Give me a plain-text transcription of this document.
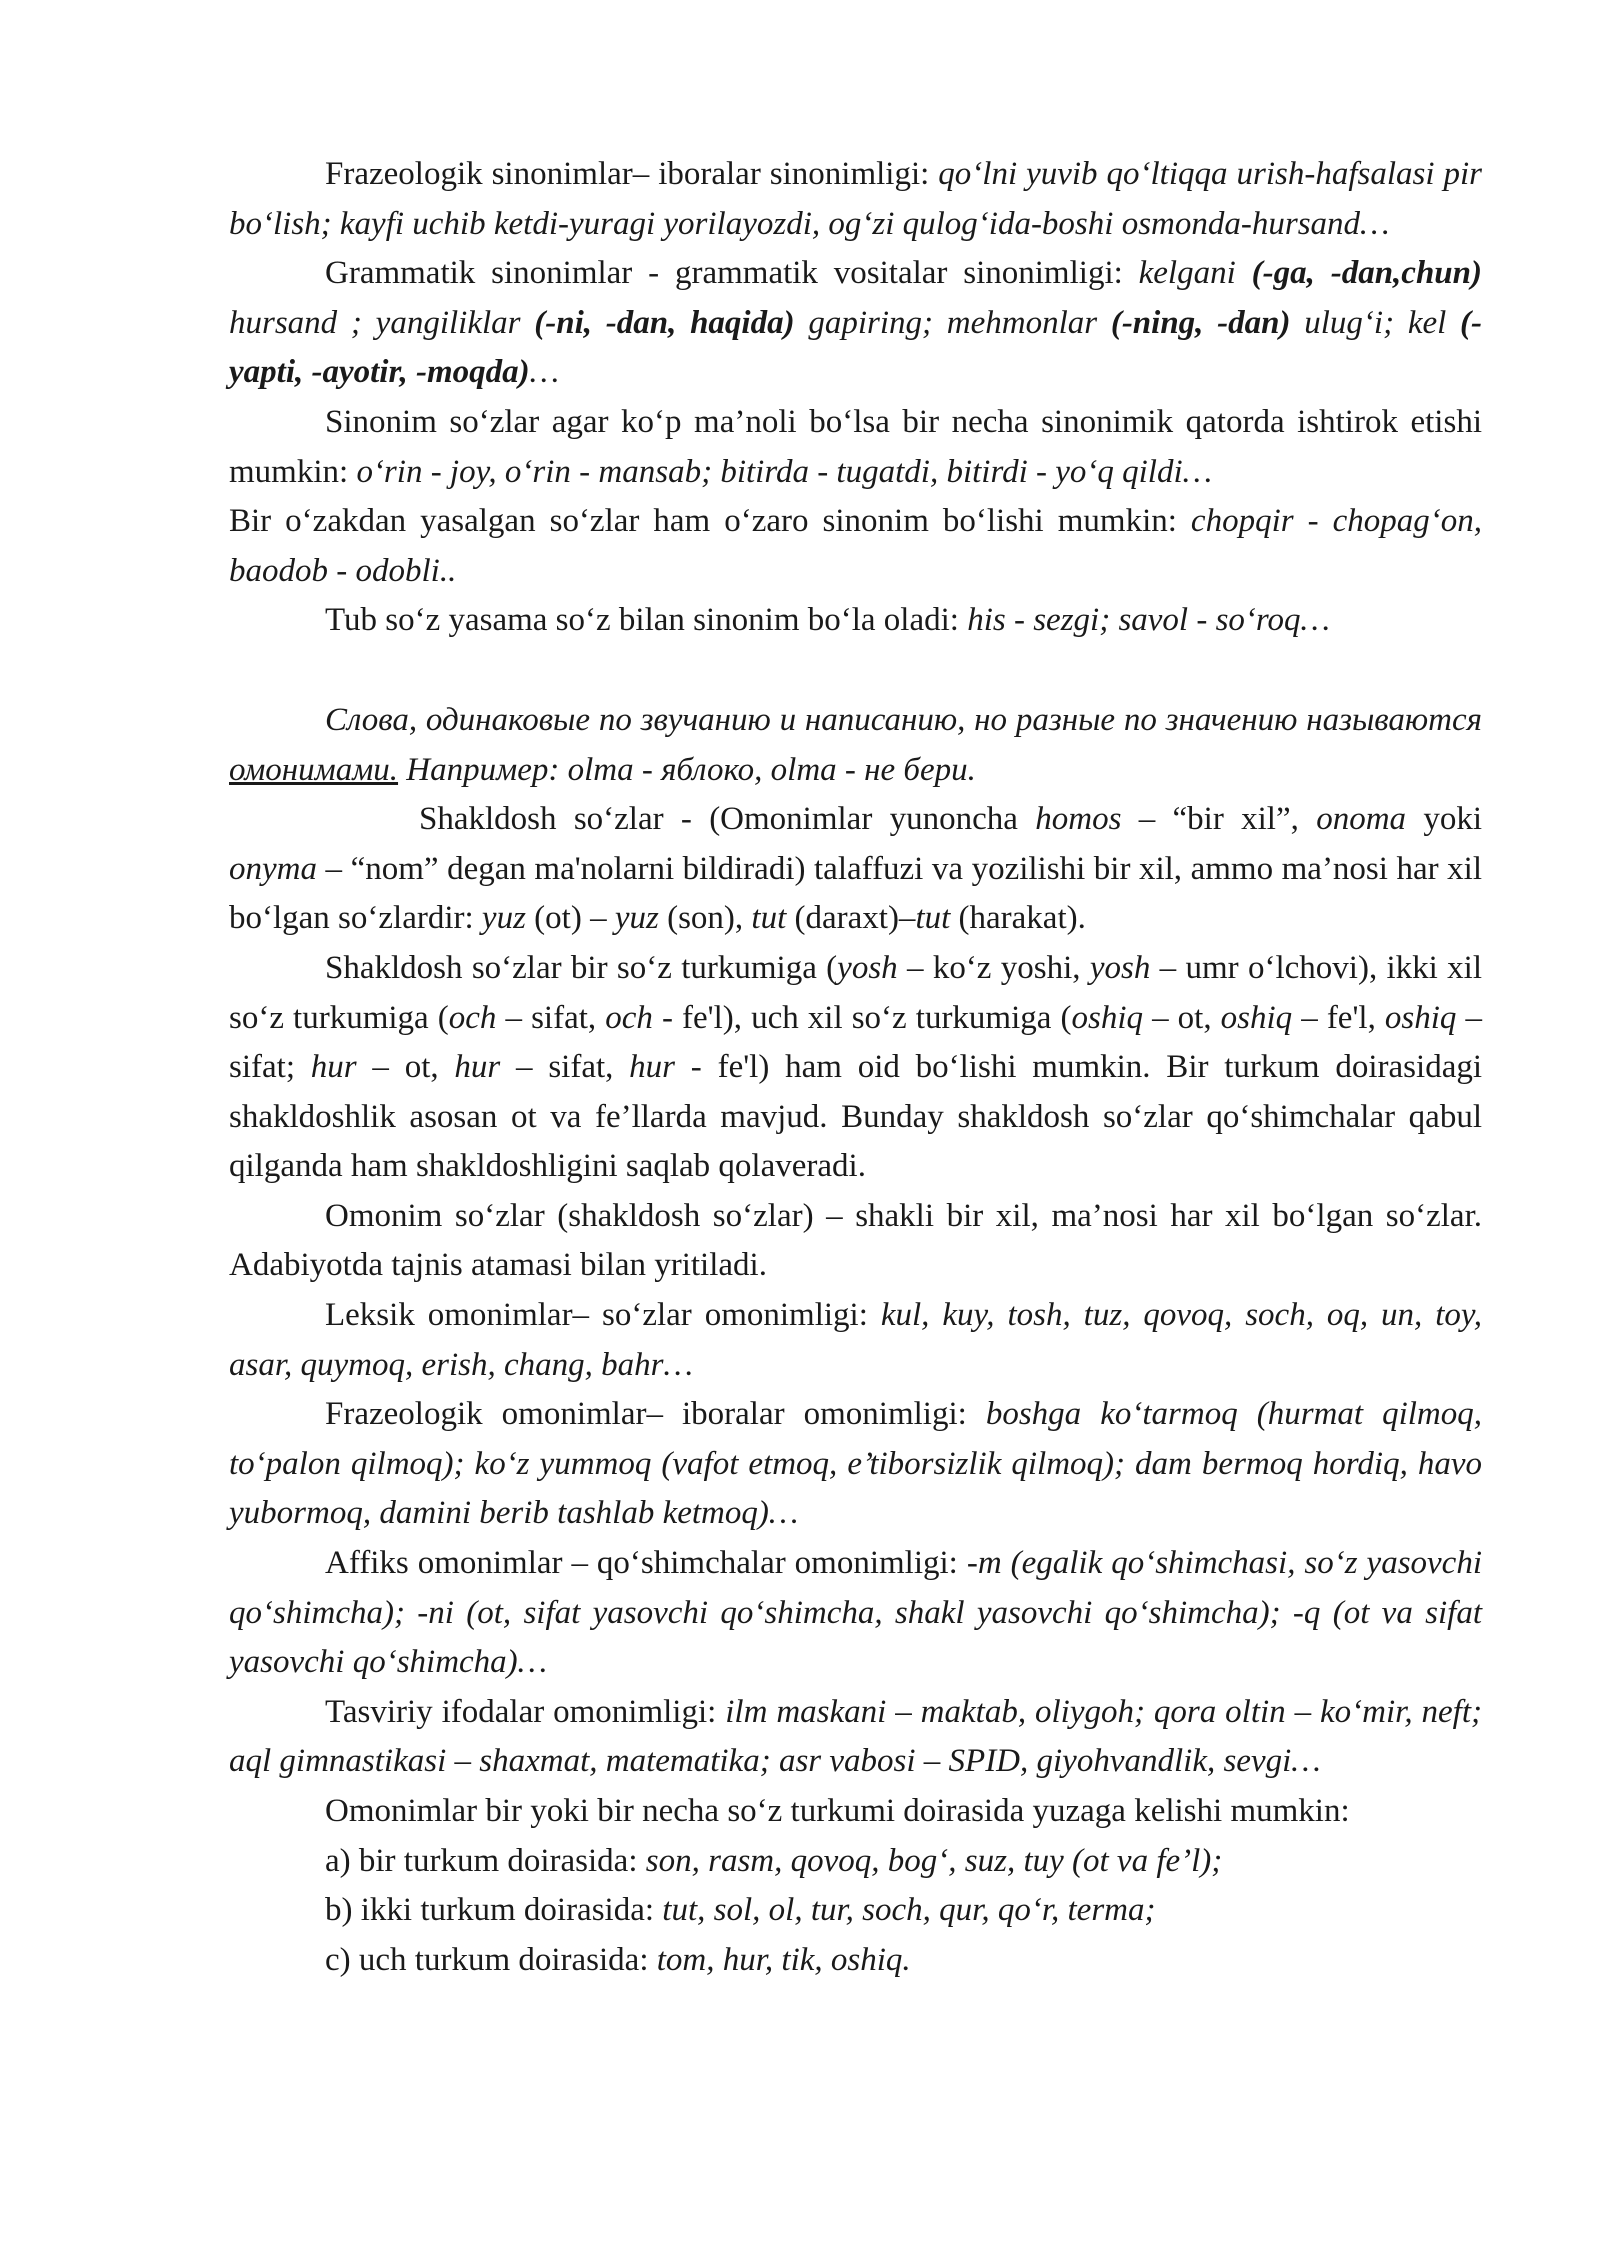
Frazeologik sinonimlar– iboralar sinonimligi: qo‘lni yuvib qo‘ltiqqa urish-hafsalasi pir bo‘lish; kayfi uchib ketdi-yuragi yorilayozdi, og‘zi qulog‘ida-boshi osmonda-hursand…

Grammatik sinonimlar - grammatik vositalar sinonimligi: kelgani (-ga, -dan,chun) hursand ; yangiliklar (-ni, -dan, haqida) gapiring; mehmonlar (-ning, -dan) ulug‘i; kel (-yapti, -ayotir, -moqda)…

Sinonim so‘zlar agar ko‘p ma’noli bo‘lsa bir necha sinonimik qatorda ishtirok etishi mumkin: o‘rin - joy, o‘rin - mansab; bitirda - tugatdi, bitirdi - yo‘q qildi…

Bir o‘zakdan yasalgan so‘zlar ham o‘zaro sinonim bo‘lishi mumkin: chopqir - chopag‘on, baodob - odobli..

Tub so‘z yasama so‘z bilan sinonim bo‘la oladi: his - sezgi; savol - so‘roq…

Слова, одинаковые по звучанию и написанию, но разные по значению называются омонимами. Например: olma - яблоко, olma - не бери.

Shakldosh so‘zlar - (Omonimlar yunoncha homos – “bir xil”, onoma yoki onyma – “nom” degan ma'nolarni bildiradi) talaffuzi va yozilishi bir xil, ammo ma’nosi har xil bo‘lgan so‘zlardir: yuz (ot) – yuz (son), tut (daraxt)–tut (harakat).

Shakldosh so‘zlar bir so‘z turkumiga (yosh – ko‘z yoshi, yosh – umr o‘lchovi), ikki xil so‘z turkumiga (och – sifat, och - fe'l), uch xil so‘z turkumiga (oshiq – ot, oshiq – fe'l, oshiq – sifat; hur – ot, hur – sifat, hur - fe'l) ham oid bo‘lishi mumkin. Bir turkum doirasidagi shakldoshlik asosan ot va fe’llarda mavjud. Bunday shakldosh so‘zlar qo‘shimchalar qabul qilganda ham shakldoshligini saqlab qolaveradi.

Omonim so‘zlar (shakldosh so‘zlar) – shakli bir xil, ma’nosi har xil bo‘lgan so‘zlar. Adabiyotda tajnis atamasi bilan yritiladi.

Leksik omonimlar– so‘zlar omonimligi: kul, kuy, tosh, tuz, qovoq, soch, oq, un, toy, asar, quymoq, erish, chang, bahr…

Frazeologik omonimlar– iboralar omonimligi: boshga ko‘tarmoq (hurmat qilmoq, to‘palon qilmoq); ko‘z yummoq (vafot etmoq, e’tiborsizlik qilmoq); dam bermoq hordiq, havo yubormoq, damini berib tashlab ketmoq)…

Affiks omonimlar – qo‘shimchalar omonimligi: -m (egalik qo‘shimchasi, so‘z yasovchi qo‘shimcha); -ni (ot, sifat yasovchi qo‘shimcha, shakl yasovchi qo‘shimcha); -q (ot va sifat yasovchi qo‘shimcha)…

Tasviriy ifodalar omonimligi: ilm maskani – maktab, oliygoh; qora oltin – ko‘mir, neft; aql gimnastikasi – shaxmat, matematika; asr vabosi – SPID, giyohvandlik, sevgi…

Omonimlar bir yoki bir necha so‘z turkumi doirasida yuzaga kelishi mumkin:

a) bir turkum doirasida: son, rasm, qovoq, bog‘, suz, tuy (ot va fe’l);

b) ikki turkum doirasida: tut, sol, ol, tur, soch, qur, qo‘r, terma;

c) uch turkum doirasida: tom, hur, tik, oshiq.
